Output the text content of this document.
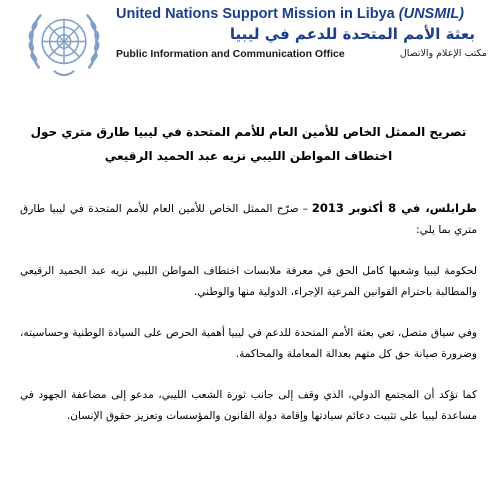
United Nations Support Mission in Libya (UNSMIL)
بعثة الأمم المتحدة للدعم في ليبيا
Public Information and Communication Office	مكتب الإعلام والاتصال
تصريح الممثل الخاص للأمين العام للأمم المتحدة في ليبيا طارق متري حول اختطاف المواطن الليبي نزيه عبد الحميد الرقيعي

طرابلس، في 8 أكتوبر 2013–صرّح الممثل الخاص للأمين العام للأمم المتحدة في ليبيا طارق متري بما يلي:

لحكومة ليبيا وشعبها كامل الحق في معرفة ملابسات اختطاف المواطن الليبي نزيه عبد الحميد الرقيعي والمطالبة باحترام القوانين المرعية الإجراء، الدولية منها والوطني.

وفي سياق متصل، تعي بعثة الأمم المتحدة للدعم في ليبيا أهمية الحرص على السيادة الوطنية وحساسيته، وضرورة صيانة حق كل متهم بعدالة المعاملة والمحاكمة.

كما تؤكد أن المجتمع الدولي، الذي وقف إلى جانب ثورة الشعب الليبي، مدعو إلى مضاعفة الجهود في مساعدة ليبيا على تثبيت دعائم سيادتها وإقامة دولة القانون والمؤسسات وتعزيز حقوق الإنسان.
